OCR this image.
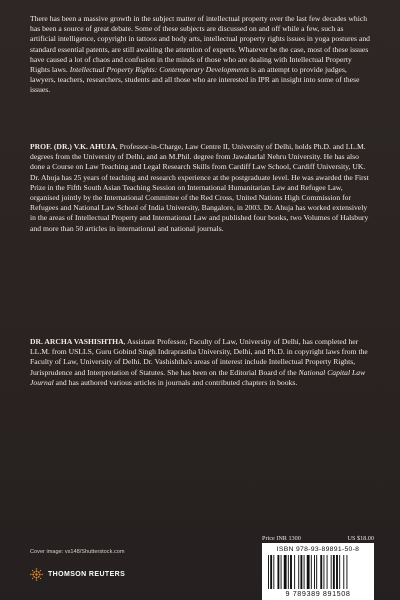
There has been a massive growth in the subject matter of intellectual property over the last few decades which has been a source of great debate. Some of these subjects are discussed on and off while a few, such as artificial intelligence, copyright in tattoos and body arts, intellectual property rights issues in yoga postures and standard essential patents, are still awaiting the attention of experts. Whatever be the case, most of these issues have caused a lot of chaos and confusion in the minds of those who are dealing with Intellectual Property Rights laws. Intellectual Property Rights: Contemporary Developments is an attempt to provide judges, lawyers, teachers, researchers, students and all those who are interested in IPR an insight into some of these issues.

PROF. (DR.) V.K. AHUJA, Professor-in-Charge, Law Centre II, University of Delhi, holds Ph.D. and LL.M. degrees from the University of Delhi, and an M.Phil. degree from Jawaharlal Nehru University. He has also done a Course on Law Teaching and Legal Research Skills from Cardiff Law School, Cardiff University, UK. Dr. Ahuja has 25 years of teaching and research experience at the postgraduate level. He was awarded the First Prize in the Fifth South Asian Teaching Session on International Humanitarian Law and Refugee Law, organised jointly by the International Committee of the Red Cross, United Nations High Commission for Refugees and National Law School of India University, Bangalore, in 2003. Dr. Ahuja has worked extensively in the areas of Intellectual Property and International Law and published four books, two Volumes of Halsbury and more than 50 articles in international and national journals.

DR. ARCHA VASHISHTHA, Assistant Professor, Faculty of Law, University of Delhi, has completed her LL.M. from USLLS, Guru Gobind Singh Indraprastha University, Delhi, and Ph.D. in copyright laws from the Faculty of Law, University of Delhi. Dr. Vashishtha's areas of interest include Intellectual Property Rights, Jurisprudence and Interpretation of Statutes. She has been on the Editorial Board of the National Capital Law Journal and has authored various articles in journals and contributed chapters in books.

Price INR 1300	US $18.00
Cover image: vs148/Shutterstock.com
THOMSON REUTERS
ISBN 978-93-89891-50-8
9 789389 891508
